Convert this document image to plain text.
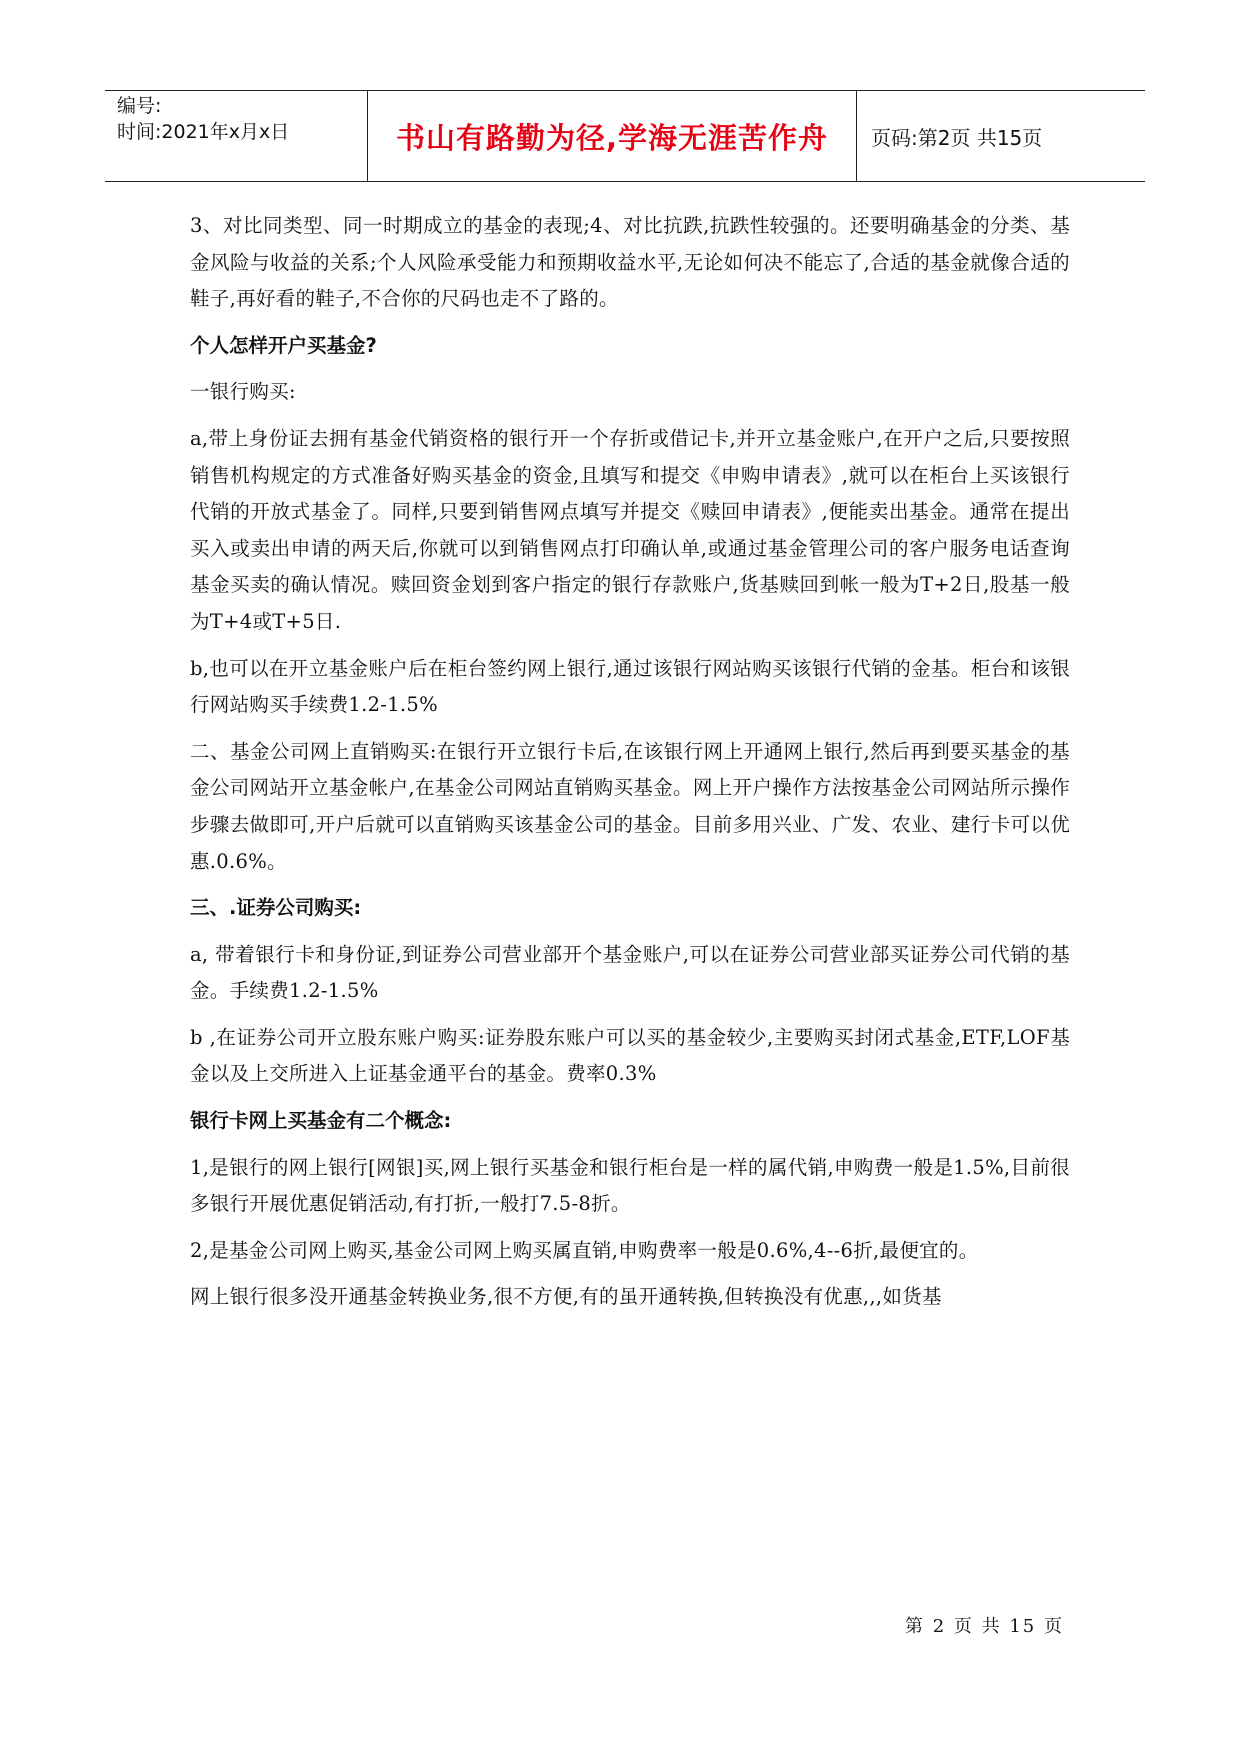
编号:
时间:2021年x月x日	书山有路勤为径,学海无涯苦作舟 页码:第2页 共15页

3、对比同类型、同一时期成立的基金的表现;4、对比抗跌,抗跌性较强的。还要明确基金的分类、基金风险与收益的关系;个人风险承受能力和预期收益水平,无论如何决不能忘了,合适的基金就像合适的鞋子,再好看的鞋子,不合你的尺码也走不了路的。

个人怎样开户买基金?

一银行购买:

a,带上身份证去拥有基金代销资格的银行开一个存折或借记卡,并开立基金账户,在开户之后,只要按照销售机构规定的方式准备好购买基金的资金,且填写和提交《申购申请表》,就可以在柜台上买该银行代销的开放式基金了。同样,只要到销售网点填写并提交《赎回申请表》,便能卖出基金。通常在提出买入或卖出申请的两天后,你就可以到销售网点打印确认单,或通过基金管理公司的客户服务电话查询基金买卖的确认情况。赎回资金划到客户指定的银行存款账户,货基赎回到帐一般为T+2日,股基一般为T+4或T+5日.

b,也可以在开立基金账户后在柜台签约网上银行,通过该银行网站购买该银行代销的金基。柜台和该银行网站购买手续费1.2-1.5%

二、基金公司网上直销购买:在银行开立银行卡后,在该银行网上开通网上银行,然后再到要买基金的基金公司网站开立基金帐户,在基金公司网站直销购买基金。网上开户操作方法按基金公司网站所示操作步骤去做即可,开户后就可以直销购买该基金公司的基金。目前多用兴业、广发、农业、建行卡可以优惠.0.6%。

三、.证券公司购买:

a, 带着银行卡和身份证,到证券公司营业部开个基金账户,可以在证券公司营业部买证券公司代销的基金。手续费1.2-1.5%

b ,在证券公司开立股东账户购买:证券股东账户可以买的基金较少,主要购买封闭式基金,ETF,LOF基金以及上交所进入上证基金通平台的基金。费率0.3%

银行卡网上买基金有二个概念:

1,是银行的网上银行[网银]买,网上银行买基金和银行柜台是一样的属代销,申购费一般是1.5%,目前很多银行开展优惠促销活动,有打折,一般打7.5-8折。

2,是基金公司网上购买,基金公司网上购买属直销,申购费率一般是0.6%,4--6折,最便宜的。

网上银行很多没开通基金转换业务,很不方便,有的虽开通转换,但转换没有优惠,,,如货基

第 2 页 共 15 页
